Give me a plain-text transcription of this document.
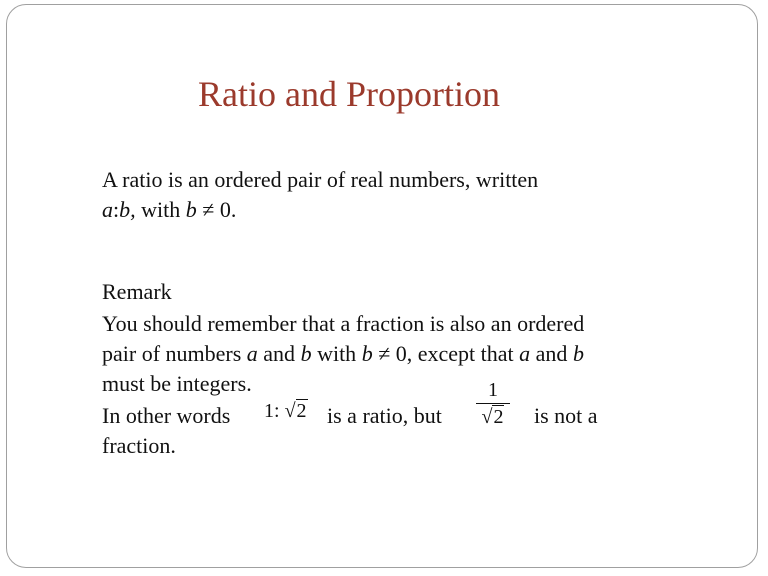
Ratio and Proportion
A ratio is an ordered pair of real numbers, written
a:b, with b ≠ 0.
Remark
You should remember that a fraction is also an ordered
pair of numbers a and b with b ≠ 0, except that a and b
must be integers.
In other words 1: √2 is a ratio, but
1
√2	is not a
fraction.
